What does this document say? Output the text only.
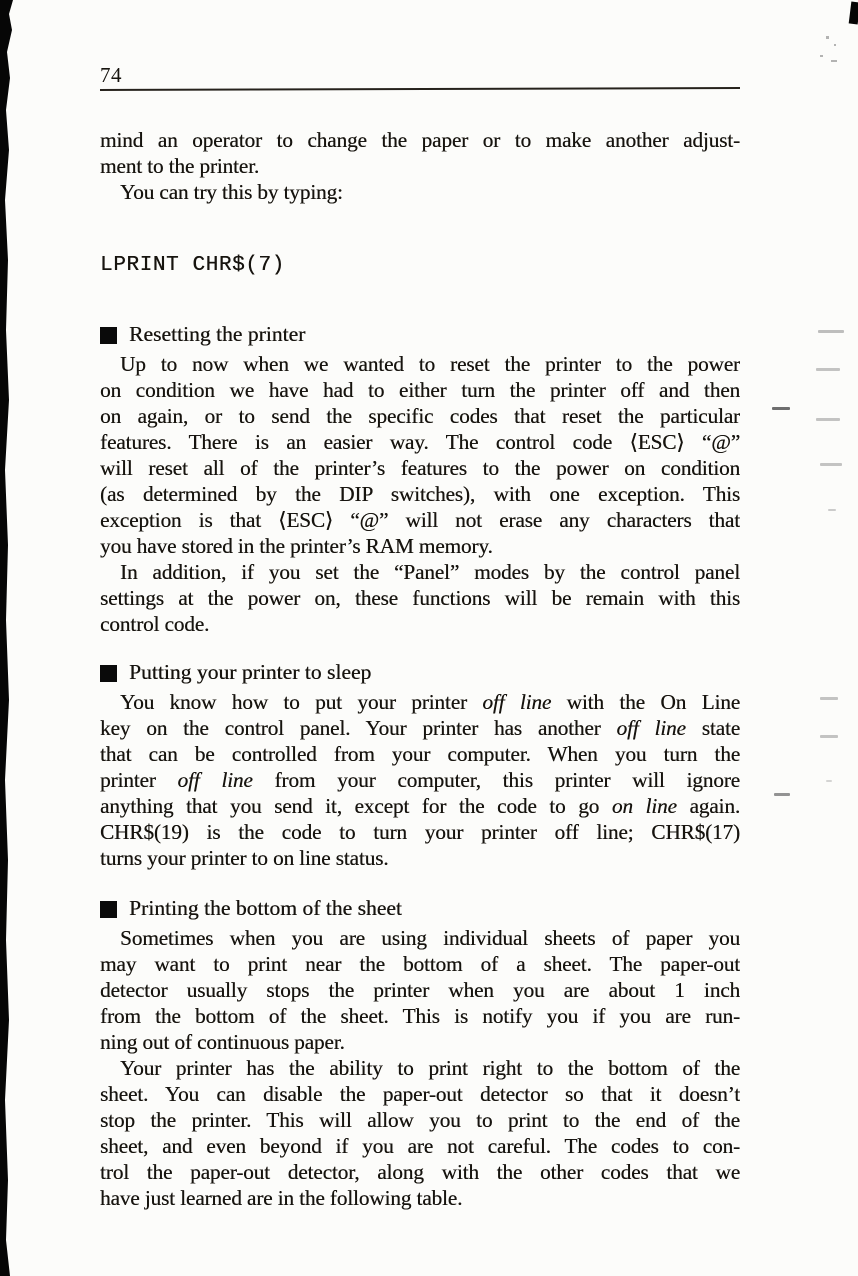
74
mind an operator to change the paper or to make another adjust-
ment to the printer.
You can try this by typing:
LPRINT CHR$(7)
Resetting the printer
Up to now when we wanted to reset the printer to the power
on condition we have had to either turn the printer off and then
on again, or to send the specific codes that reset the particular
features. There is an easier way. The control code ⟨ESC⟩ “@”
will reset all of the printer’s features to the power on condition
(as determined by the DIP switches), with one exception. This
exception is that ⟨ESC⟩ “@” will not erase any characters that
you have stored in the printer’s RAM memory.
In addition, if you set the “Panel” modes by the control panel
settings at the power on, these functions will be remain with this
control code.
Putting your printer to sleep
You know how to put your printer off line with the On Line
key on the control panel. Your printer has another off line state
that can be controlled from your computer. When you turn the
printer off line from your computer, this printer will ignore
anything that you send it, except for the code to go on line again.
CHR$(19) is the code to turn your printer off line; CHR$(17)
turns your printer to on line status.
Printing the bottom of the sheet
Sometimes when you are using individual sheets of paper you
may want to print near the bottom of a sheet. The paper-out
detector usually stops the printer when you are about 1 inch
from the bottom of the sheet. This is notify you if you are run-
ning out of continuous paper.
Your printer has the ability to print right to the bottom of the
sheet. You can disable the paper-out detector so that it doesn’t
stop the printer. This will allow you to print to the end of the
sheet, and even beyond if you are not careful. The codes to con-
trol the paper-out detector, along with the other codes that we
have just learned are in the following table.
